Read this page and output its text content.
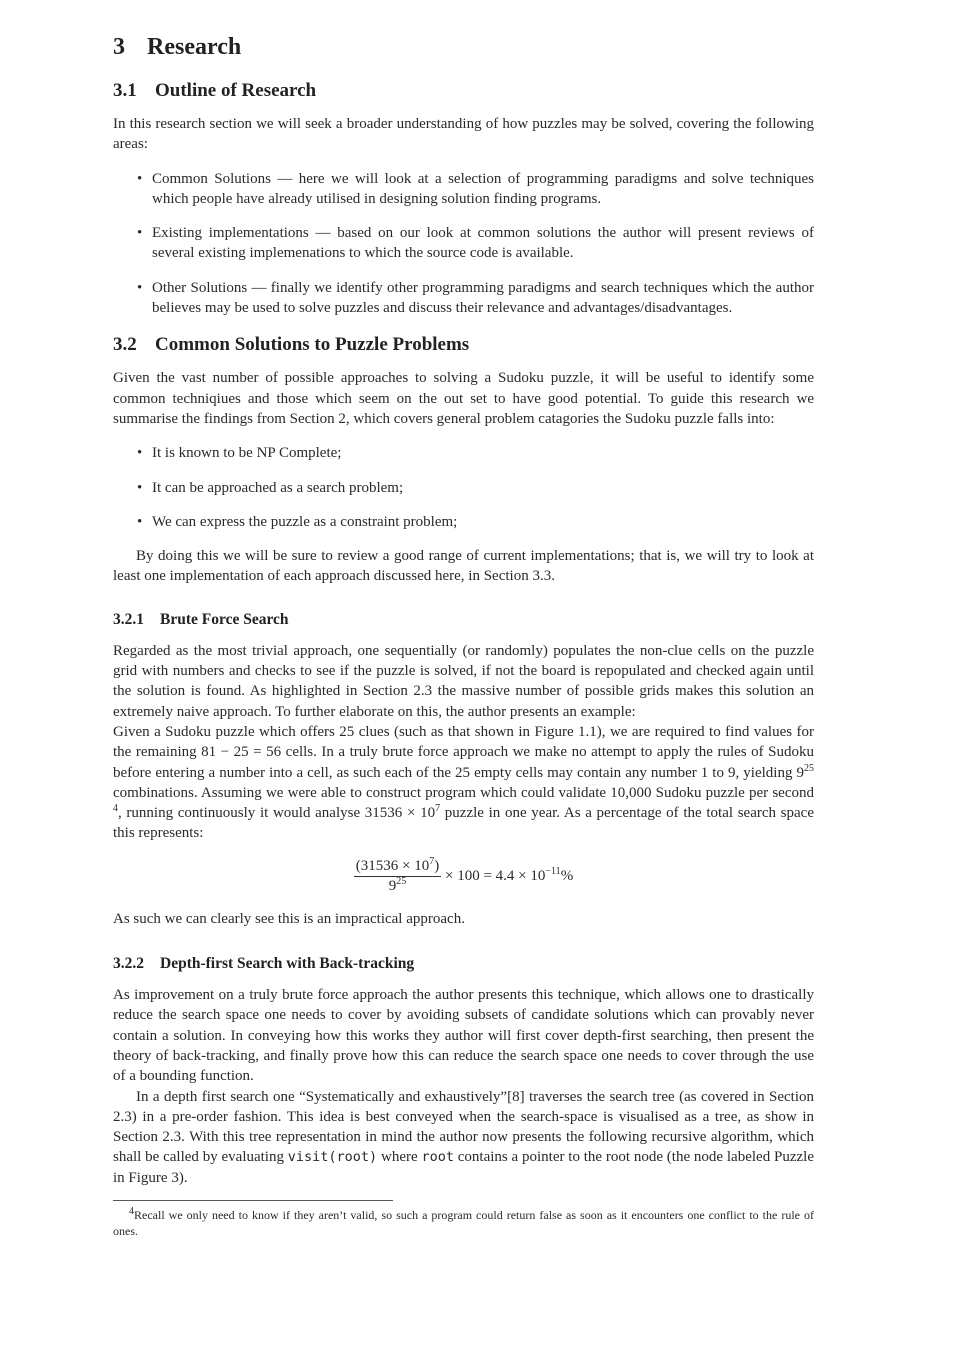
3 Research
3.1 Outline of Research

In this research section we will seek a broader understanding of how puzzles may be solved, covering the following areas:

• Common Solutions — here we will look at a selection of programming paradigms and solve techniques which people have already utilised in designing solution finding programs.
• Existing implementations — based on our look at common solutions the author will present reviews of several existing implemenations to which the source code is available.
• Other Solutions — finally we identify other programming paradigms and search techniques which the author believes may be used to solve puzzles and discuss their relevance and advantages/disadvantages.
3.2 Common Solutions to Puzzle Problems

Given the vast number of possible approaches to solving a Sudoku puzzle, it will be useful to identify some common techniqiues and those which seem on the out set to have good potential. To guide this research we summarise the findings from Section 2, which covers general problem catagories the Sudoku puzzle falls into:

• It is known to be NP Complete;
• It can be approached as a search problem;
• We can express the puzzle as a constraint problem;

By doing this we will be sure to review a good range of current implementations; that is, we will try to look at least one implementation of each approach discussed here, in Section 3.3.

3.2.1 Brute Force Search

Regarded as the most trivial approach, one sequentially (or randomly) populates the non-clue cells on the puzzle grid with numbers and checks to see if the puzzle is solved, if not the board is repopulated and checked again until the solution is found. As highlighted in Section 2.3 the massive number of possible grids makes this solution an extremely naive approach. To further elaborate on this, the author presents an example:

Given a Sudoku puzzle which offers 25 clues (such as that shown in Figure 1.1), we are required to find values for the remaining 81 − 25 = 56 cells. In a truly brute force approach we make no attempt to apply the rules of Sudoku before entering a number into a cell, as such each of the 25 empty cells may contain any number 1 to 9, yielding $9^{25}$ combinations. Assuming we were able to construct program which could validate 10,000 Sudoku puzzle per second $^4$, running continuously it would analyse $31536 \times 10^7$ puzzle in one year. As a percentage of the total search space this represents:

$\frac{(31536 \times 10^7)}{9^{25}} \times 100 = 4.4 \times 10^{-11}\%$

As such we can clearly see this is an impractical approach.

3.2.2 Depth-first Search with Back-tracking

As improvement on a truly brute force approach the author presents this technique, which allows one to drastically reduce the search space one needs to cover by avoiding subsets of candidate solutions which can provably never contain a solution. In conveying how this works they author will first cover depth-first searching, then present the theory of back-tracking, and finally prove how this can reduce the search space one needs to cover through the use of a bounding function.

In a depth first search one “Systematically and exhaustively”[8] traverses the search tree (as covered in Section 2.3) in a pre-order fashion. This idea is best conveyed when the search-space is visualised as a tree, as show in Section 2.3. With this tree representation in mind the author now presents the following recursive algorithm, which shall be called by evaluating visit(root) where root contains a pointer to the root node (the node labeled Puzzle in Figure 3).

$^4$Recall we only need to know if they aren’t valid, so such a program could return false as soon as it encounters one conflict to the rule of ones.
